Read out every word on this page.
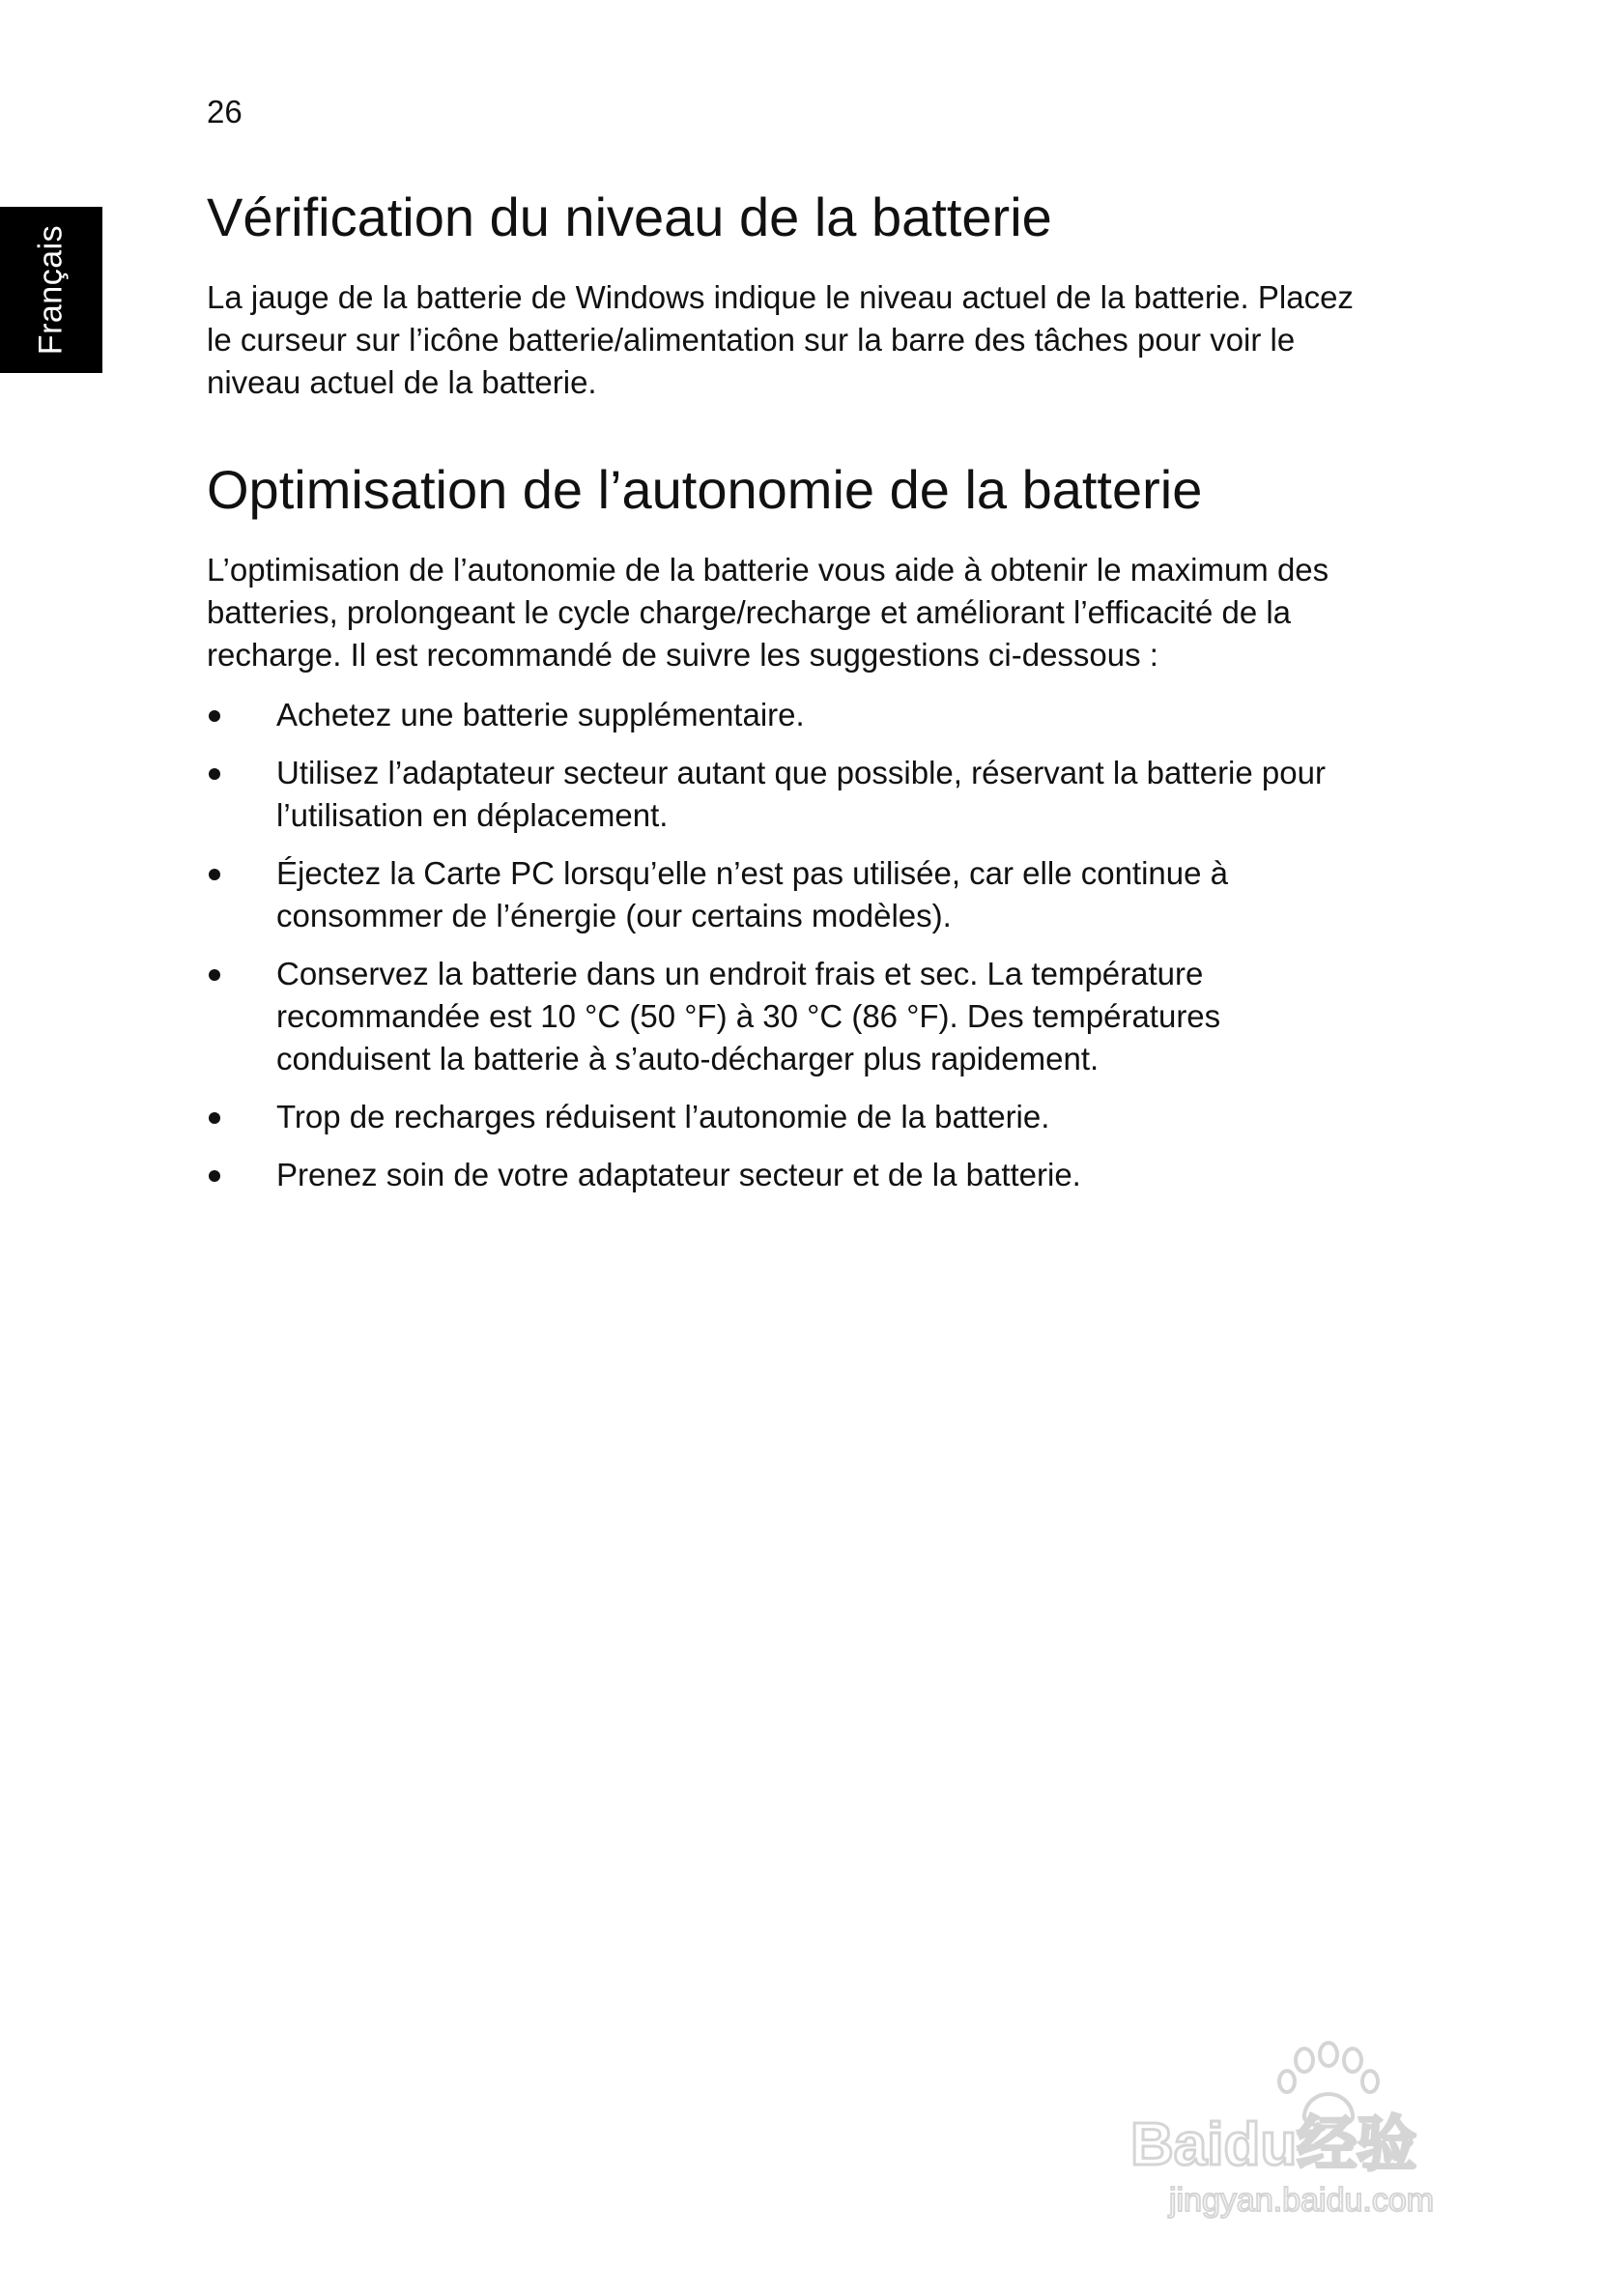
26
Français
Vérification du niveau de la batterie

La jauge de la batterie de Windows indique le niveau actuel de la batterie. Placez le curseur sur l’icône batterie/alimentation sur la barre des tâches pour voir le niveau actuel de la batterie.

Optimisation de l’autonomie de la batterie

L’optimisation de l’autonomie de la batterie vous aide à obtenir le maximum des batteries, prolongeant le cycle charge/recharge et améliorant l’efficacité de la recharge. Il est recommandé de suivre les suggestions ci-dessous :

Achetez une batterie supplémentaire.
Utilisez l’adaptateur secteur autant que possible, réservant la batterie pour l’utilisation en déplacement.
Éjectez la Carte PC lorsqu’elle n’est pas utilisée, car elle continue à consommer de l’énergie (our certains modèles).
Conservez la batterie dans un endroit frais et sec. La température recommandée est 10 °C (50 °F) à 30 °C (86 °F). Des températures conduisent la batterie à s’auto-décharger plus rapidement.
Trop de recharges réduisent l’autonomie de la batterie.
Prenez soin de votre adaptateur secteur et de la batterie.
Baidu经验
jingyan.baidu.com
